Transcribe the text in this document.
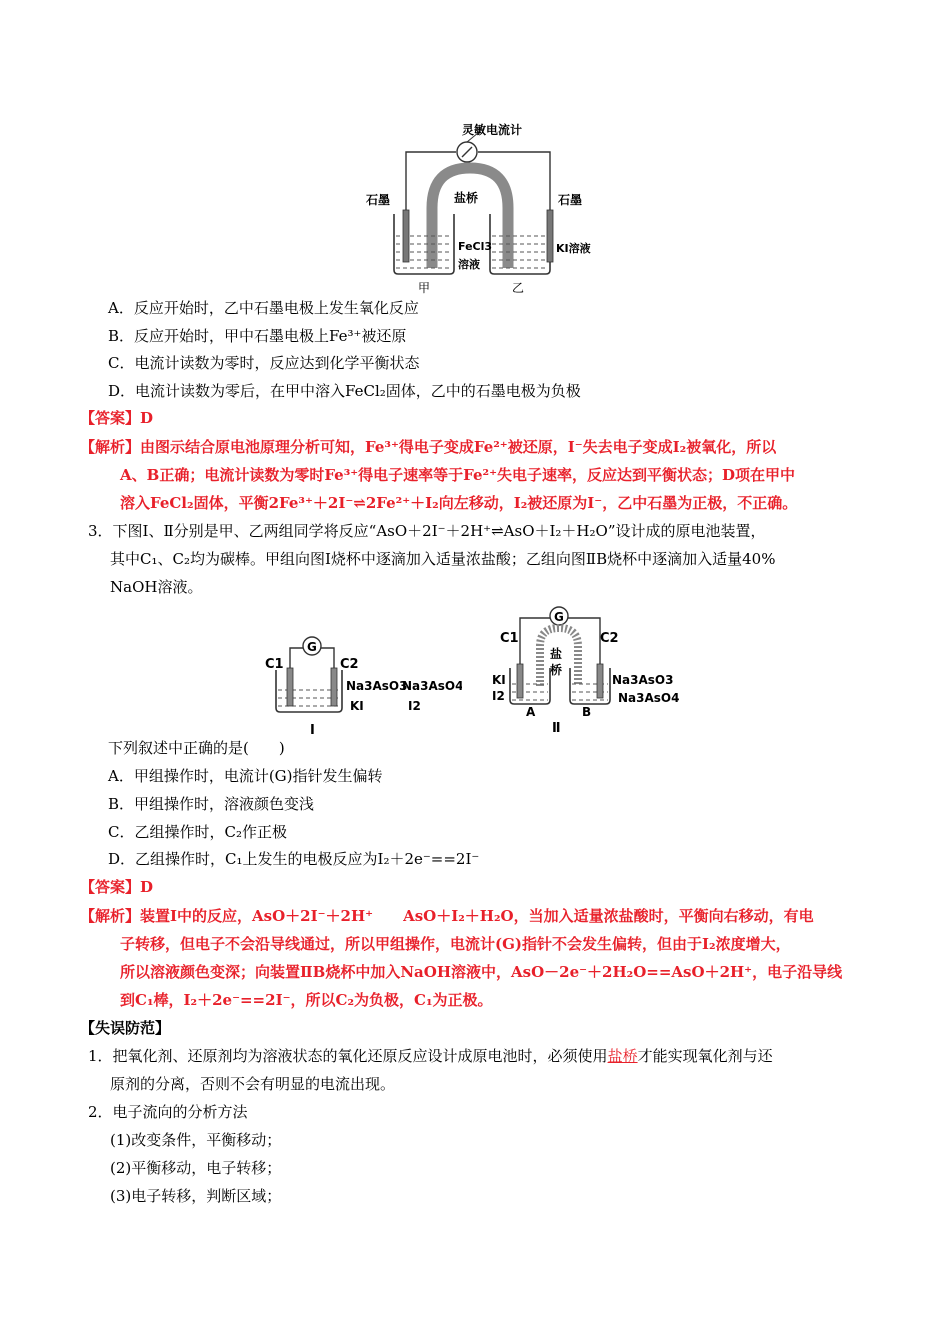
灵敏电流计
盐桥
石墨	石墨
FeCl3
溶液
KI溶液
甲	乙
A．反应开始时，乙中石墨电极上发生氧化反应
B．反应开始时，甲中石墨电极上Fe³⁺被还原
C．电流计读数为零时，反应达到化学平衡状态
D．电流计读数为零后，在甲中溶入FeCl₂固体，乙中的石墨电极为负极
【答案】D
【解析】由图示结合原电池原理分析可知，Fe³⁺得电子变成Fe²⁺被还原，I⁻失去电子变成I₂被氧化，所以
A、B正确；电流计读数为零时Fe³⁺得电子速率等于Fe²⁺失电子速率，反应达到平衡状态；D项在甲中
溶入FeCl₂固体，平衡2Fe³⁺＋2I⁻⇌2Fe²⁺＋I₂向左移动，I₂被还原为I⁻，乙中石墨为正极，不正确。
3．下图Ⅰ、Ⅱ分别是甲、乙两组同学将反应“AsO＋2I⁻＋2H⁺⇌AsO＋I₂＋H₂O”设计成的原电池装置，
其中C₁、C₂均为碳棒。甲组向图Ⅰ烧杯中逐滴加入适量浓盐酸；乙组向图ⅡB烧杯中逐滴加入适量40%
NaOH溶液。
G
C1	C2
Na3AsO3
Na3AsO4
KI	I2
Ⅰ
G
盐
桥
C1	C2
KI
I2
A	B
Na3AsO3
Na3AsO4
Ⅱ
下列叙述中正确的是(　　)
A．甲组操作时，电流计(G)指针发生偏转
B．甲组操作时，溶液颜色变浅
C．乙组操作时，C₂作正极
D．乙组操作时，C₁上发生的电极反应为I₂＋2e⁻==2I⁻
【答案】D
【解析】装置Ⅰ中的反应，AsO＋2I⁻＋2H⁺　　AsO＋I₂＋H₂O，当加入适量浓盐酸时，平衡向右移动，有电
子转移，但电子不会沿导线通过，所以甲组操作，电流计(G)指针不会发生偏转，但由于I₂浓度增大，
所以溶液颜色变深；向装置ⅡB烧杯中加入NaOH溶液中，AsO－2e⁻＋2H₂O==AsO＋2H⁺，电子沿导线
到C₁棒，I₂＋2e⁻==2I⁻，所以C₂为负极，C₁为正极。
【失误防范】
1．把氧化剂、还原剂均为溶液状态的氧化还原反应设计成原电池时，必须使用盐桥才能实现氧化剂与还
原剂的分离，否则不会有明显的电流出现。
2．电子流向的分析方法
(1)改变条件，平衡移动；
(2)平衡移动，电子转移；
(3)电子转移，判断区域；
